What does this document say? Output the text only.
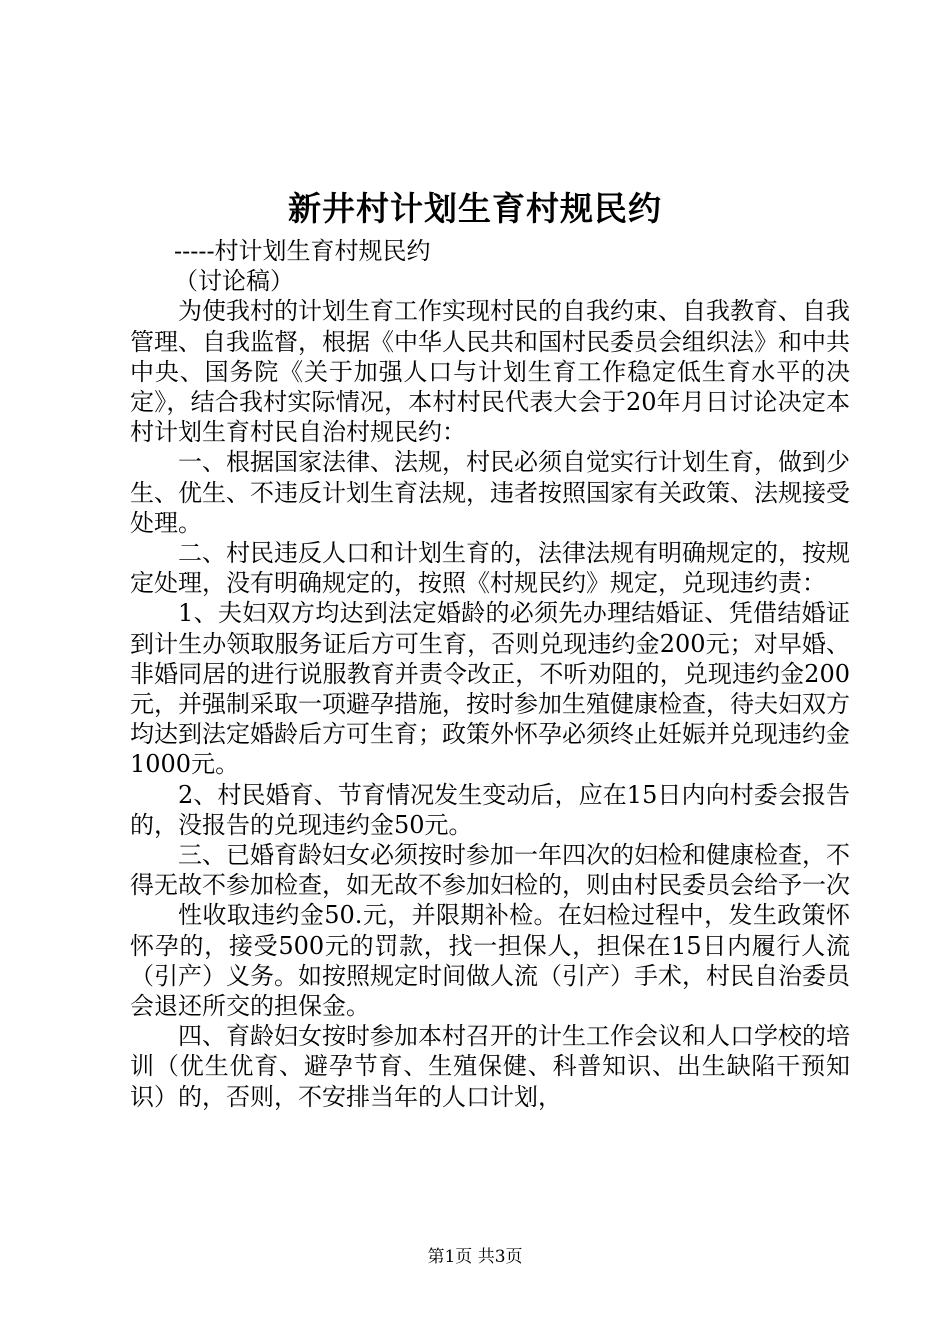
新井村计划生育村规民约

-----村计划生育村规民约

（讨论稿）

为使我村的计划生育工作实现村民的自我约束、自我教育、自我管理、自我监督，根据《中华人民共和国村民委员会组织法》和中共中央、国务院《关于加强人口与计划生育工作稳定低生育水平的决定》，结合我村实际情况，本村村民代表大会于20年月日讨论决定本村计划生育村民自治村规民约：

一、根据国家法律、法规，村民必须自觉实行计划生育，做到少生、优生、不违反计划生育法规，违者按照国家有关政策、法规接受处理。

二、村民违反人口和计划生育的，法律法规有明确规定的，按规定处理，没有明确规定的，按照《村规民约》规定，兑现违约责：

1、夫妇双方均达到法定婚龄的必须先办理结婚证、凭借结婚证到计生办领取服务证后方可生育，否则兑现违约金200元；对早婚、非婚同居的进行说服教育并责令改正，不听劝阻的，兑现违约金200元，并强制采取一项避孕措施，按时参加生殖健康检查，待夫妇双方均达到法定婚龄后方可生育；政策外怀孕必须终止妊娠并兑现违约金1000元。

2、村民婚育、节育情况发生变动后，应在15日内向村委会报告的，没报告的兑现违约金50元。

三、已婚育龄妇女必须按时参加一年四次的妇检和健康检查，不得无故不参加检查，如无故不参加妇检的，则由村民委员会给予一次

性收取违约金50.元，并限期补检。在妇检过程中，发生政策怀怀孕的，接受500元的罚款，找一担保人，担保在15日内履行人流（引产）义务。如按照规定时间做人流（引产）手术，村民自治委员会退还所交的担保金。

四、育龄妇女按时参加本村召开的计生工作会议和人口学校的培训（优生优育、避孕节育、生殖保健、科普知识、出生缺陷干预知识）的，否则，不安排当年的人口计划，

第1页 共3页
